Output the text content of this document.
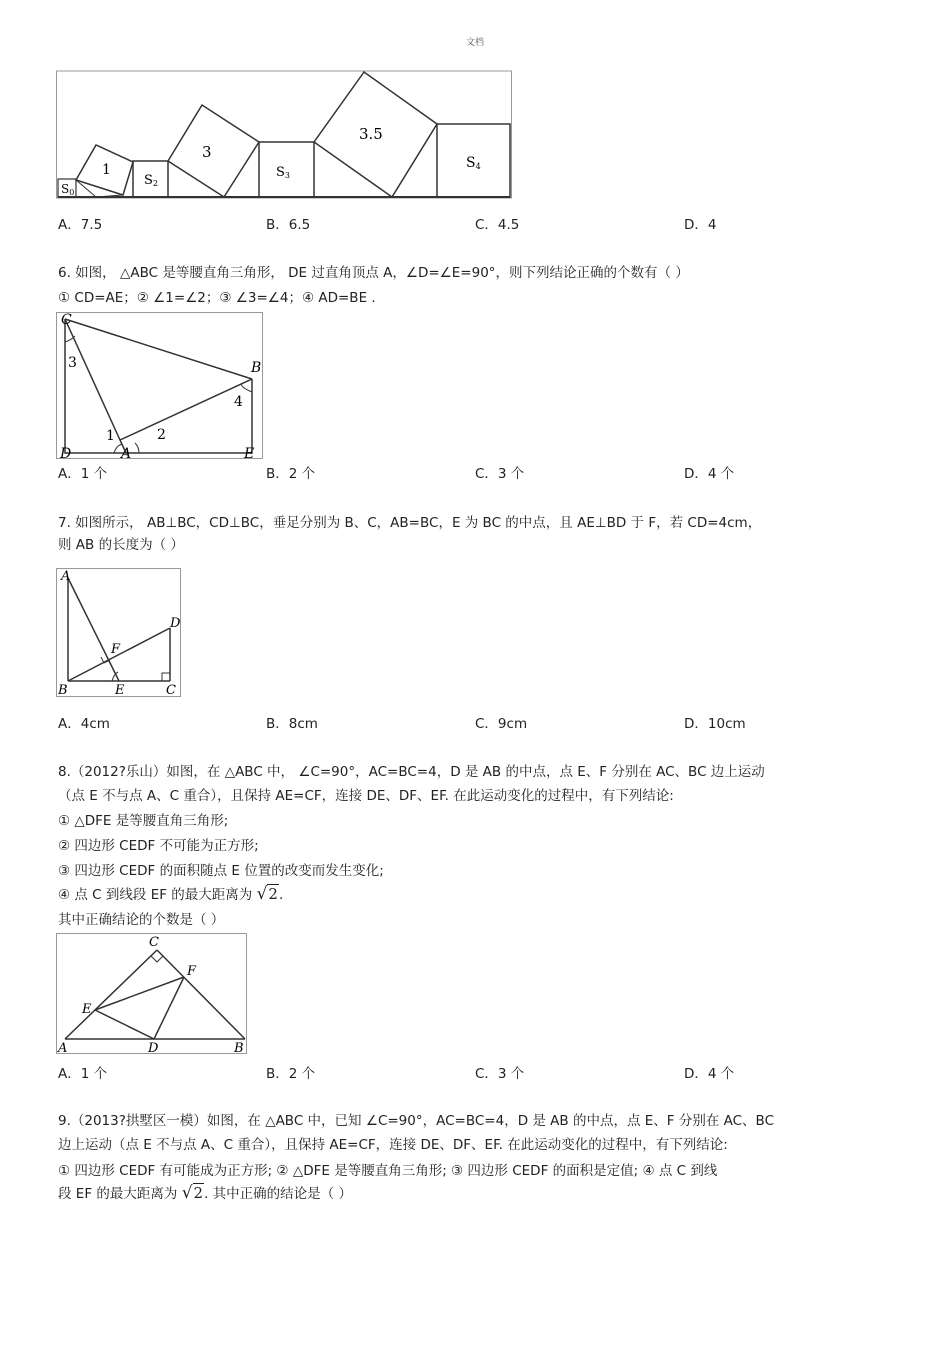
文档
S0
1
S2
3
S3
3.5
S4
A．7.5	B．6.5	C．4.5	D．4
6. 如图， △ABC 是等腰直角三角形， DE 过直角顶点 A，∠D=∠E=90°，则下列结论正确的个数有（ ）
① CD=AE；② ∠1=∠2；③ ∠3=∠4；④ AD=BE .
C
B
D	A	E
1	2
3
4
A．1 个	B．2 个	C．3 个	D．4 个
7. 如图所示， AB⊥BC，CD⊥BC，垂足分别为 B、C，AB=BC，E 为 BC 的中点，且 AE⊥BD 于 F，若 CD=4cm，
则 AB 的长度为（ ）
A
F
D
B	E	C
A．4cm	B．8cm	C．9cm	D．10cm
8.（2012?乐山）如图，在 △ABC 中， ∠C=90°，AC=BC=4，D 是 AB 的中点，点 E、F 分别在 AC、BC 边上运动
（点 E 不与点 A、C 重合），且保持 AE=CF，连接 DE、DF、EF. 在此运动变化的过程中，有下列结论:
① △DFE 是等腰直角三角形;
② 四边形 CEDF 不可能为正方形;
③ 四边形 CEDF 的面积随点 E 位置的改变而发生变化;
④ 点 C 到线段 EF 的最大距离为 √2.
其中正确结论的个数是（ ）
C
F
E
A	D	B
A．1 个	B．2 个	C．3 个	D．4 个
9.（2013?拱墅区一模）如图，在 △ABC 中，已知 ∠C=90°，AC=BC=4，D 是 AB 的中点，点 E、F 分别在 AC、BC
边上运动（点 E 不与点 A、C 重合），且保持 AE=CF，连接 DE、DF、EF. 在此运动变化的过程中，有下列结论:
① 四边形 CEDF 有可能成为正方形; ② △DFE 是等腰直角三角形; ③ 四边形 CEDF 的面积是定值; ④ 点 C 到线
段 EF 的最大距离为 √2. 其中正确的结论是（ ）
